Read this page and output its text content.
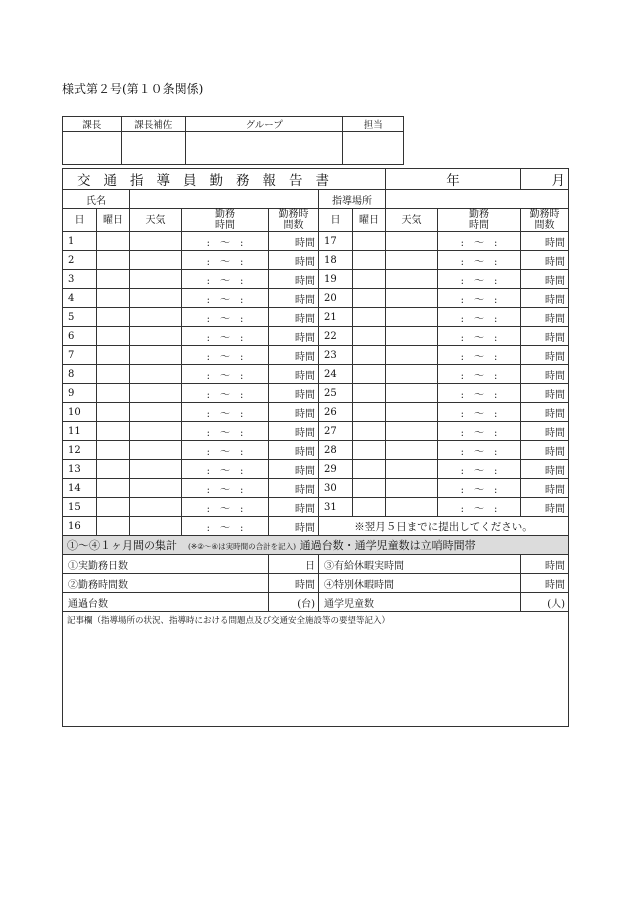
様式第２号(第１０条関係)
課長	課長補佐	グループ	担当

交通指導員勤務報告書							年		月
氏名					指導場所				
日	曜日	天気	勤務時間	勤務時間数	日	曜日	天気	勤務時間	勤務時間数
1			:　〜　:	時間	17			:　〜　:	時間
2			:　〜　:	時間	18			:　〜　:	時間
3			:　〜　:	時間	19			:　〜　:	時間
4			:　〜　:	時間	20			:　〜　:	時間
5			:　〜　:	時間	21			:　〜　:	時間
6			:　〜　:	時間	22			:　〜　:	時間
7			:　〜　:	時間	23			:　〜　:	時間
8			:　〜　:	時間	24			:　〜　:	時間
9			:　〜　:	時間	25			:　〜　:	時間
10			:　〜　:	時間	26			:　〜　:	時間
11			:　〜　:	時間	27			:　〜　:	時間
12			:　〜　:	時間	28			:　〜　:	時間
13			:　〜　:	時間	29			:　〜　:	時間
14			:　〜　:	時間	30			:　〜　:	時間
15			:　〜　:	時間	31			:　〜　:	時間
16			:　〜　:	時間	※翌月５日までに提出してください。				
①〜④１ヶ月間の集計　 (※②〜④は実時間の合計を記入) 通過台数・通学児童数は立哨時間帯									
①実勤務日数				日	③有給休暇実時間				時間
②勤務時間数				時間	④特別休暇時間				時間
通過台数				(台)	通学児童数				(人)
記事欄（指導場所の状況、指導時における問題点及び交通安全施設等の要望等記入）									
